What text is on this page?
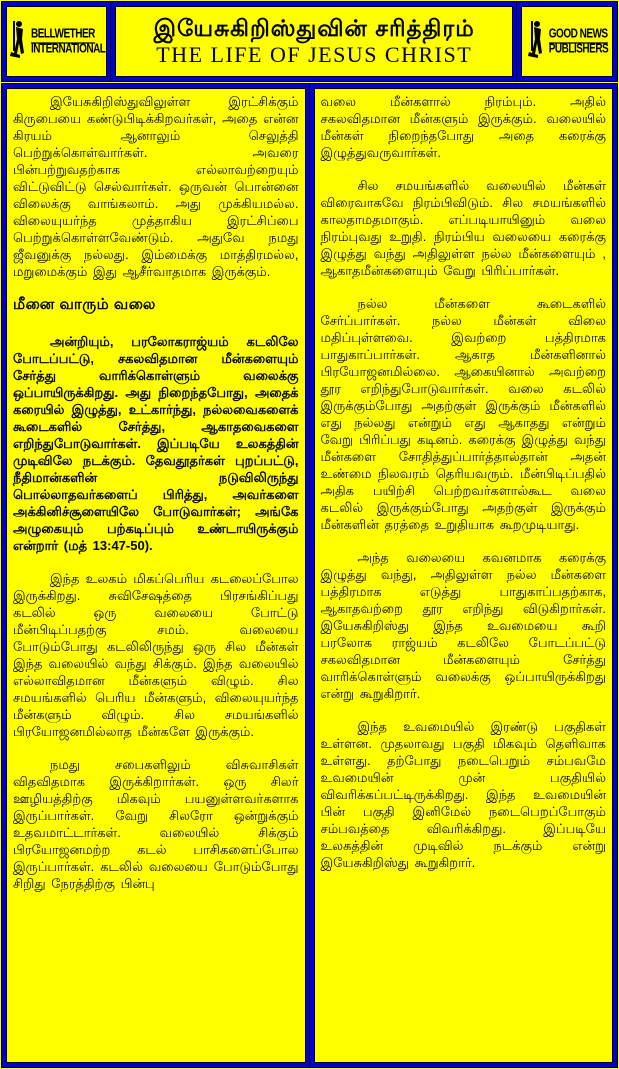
BELLWETHER
INTERNATIONAL
இயேசுகிறிஸ்துவின் சரித்திரம்
THE LIFE OF JESUS CHRIST
GOOD NEWS
PUBLISHERS

இயேசுகிறிஸ்துவிலுள்ள இரட்சிக்கும் கிருபையை கண்டுபிடிக்கிறவர்கள், அதை என்ன கிரயம் ஆனாலும் செலுத்தி பெற்றுக்கொள்வார்கள். அவரை பின்பற்றுவதற்காக எல்லாவற்றையும் விட்டுவிட்டு செல்வார்கள். ஒருவன் பொன்னை விலைக்கு வாங்கலாம். அது முக்கியமல்ல. விலையுயர்ந்த முத்தாகிய இரட்சிப்பை பெற்றுக்கொள்ளவேண்டும். அதுவே நமது ஜீவனுக்கு நல்லது. இம்மைக்கு மாத்திரமல்ல, மறுமைக்கும் இது ஆசீர்வாதமாக இருக்கும்.

மீனை வாரும் வலை

அன்றியும், பரலோகராஜ்யம் கடலிலே போடப்பட்டு, சகலவிதமான மீன்களையும் சேர்த்து வாரிக்கொள்ளும் வலைக்கு ஒப்பாயிருக்கிறது. அது நிறைந்தபோது, அதைக் கரையில் இழுத்து, உட்கார்ந்து, நல்லவைகளைக் கூடைகளில் சேர்த்து, ஆகாதவைகளை எறிந்துபோடுவார்கள். இப்படியே உலகத்தின் முடிவிலே நடக்கும். தேவதூதர்கள் புறப்பட்டு, நீதிமான்களின் நடுவிலிருந்து பொல்லாதவர்களைப் பிரித்து, அவர்களை அக்கினிச்சூளையிலே போடுவார்கள்; அங்கே அழுகையும் பற்கடிப்பும் உண்டாயிருக்கும் என்றார் (மத் 13:47-50).

இந்த உலகம் மிகப்பெரிய கடலைப்போல இருக்கிறது. சுவிசேஷத்தை பிரசங்கிப்பது கடலில் ஒரு வலையை போட்டு மீன்பிடிப்பதற்கு சமம். வலையை போடும்போது கடலிலிருந்து ஒரு சில மீன்கள் இந்த வலையில் வந்து சிக்கும். இந்த வலையில் எல்லாவிதமான மீன்களும் விழும். சில சமயங்களில் பெரிய மீன்களும், விலையுயர்ந்த மீன்களும் விழும். சில சமயங்களில் பிரயோஜனமில்லாத மீன்களே இருக்கும்.

நமது சபைகளிலும் விசுவாசிகள் விதவிதமாக இருக்கிறார்கள். ஒரு சிலர் ஊழியத்திற்கு மிகவும் பயனுள்ளவர்களாக இருப்பார்கள். வேறு சிலரோ ஒன்றுக்கும் உதவமாட்டார்கள். வலையில் சிக்கும் பிரயோஜனமற்ற கடல் பாசிகளைப்போல இருப்பார்கள். கடலில் வலையை போடும்போது சிறிது நேரத்திற்கு பின்பு

வலை மீன்களால் நிரம்பும். அதில் சகலவிதமான மீன்களும் இருக்கும். வலையில் மீன்கள் நிறைந்தபோது அதை கரைக்கு இழுத்துவருவார்கள்.

சில சமயங்களில் வலையில் மீன்கள் விரைவாகவே நிரம்பிவிடும். சில சமயங்களில் காலதாமதமாகும். எப்படியாயினும் வலை நிரம்புவது உறுதி. நிரம்பிய வலையை கரைக்கு இழுத்து வந்து அதிலுள்ள நல்ல மீன்களையும் , ஆகாதமீன்களையும் வேறு பிரிப்பார்கள்.

நல்ல மீன்களை கூடைகளில் சேர்ப்பார்கள். நல்ல மீன்கள் விலை மதிப்புள்ளவை. இவற்றை பத்திரமாக பாதுகாப்பார்கள். ஆகாத மீன்களினால் பிரயோஜனமில்லை. ஆகையினால் அவற்றை தூர எறிந்துபோடுவார்கள். வலை கடலில் இருக்கும்போது அதற்குள் இருக்கும் மீன்களில் எது நல்லது என்றும் எது ஆகாதது என்றும் வேறு பிரிப்பது கடினம். கரைக்கு இழுத்து வந்து மீன்களை சோதித்துப்பார்த்தால்தான் அதன் உண்மை நிலவரம் தெரியவரும். மீன்பிடிப்பதில் அதிக பயிற்சி பெற்றவர்களால்கூட வலை கடலில் இருக்கும்போது அதற்குள் இருக்கும் மீன்களின் தரத்தை உறுதியாக கூறமுடியாது.

அந்த வலையை கவனமாக கரைக்கு இழுத்து வந்து, அதிலுள்ள நல்ல மீன்களை பத்திரமாக எடுத்து பாதுகாப்பதற்காக, ஆகாதவற்றை தூர எறிந்து விடுகிறார்கள். இயேசுகிறிஸ்து இந்த உவமையை கூறி பரலோக ராஜ்யம் கடலிலே போடப்பட்டு சகலவிதமான மீன்களையும் சேர்த்து வாரிக்கொள்ளும் வலைக்கு ஒப்பாயிருக்கிறது என்று கூறுகிறார்.

இந்த உவமையில் இரண்டு பகுதிகள் உள்ளன. முதலாவது பகுதி மிகவும் தெளிவாக உள்ளது. தற்போது நடைபெறும் சம்பவமே உவமையின் முன் பகுதியில் விவரிக்கப்பட்டிருக்கிறது. இந்த உவமையின் பின் பகுதி இனிமேல் நடைபெறப்போகும் சம்பவத்தை விவரிக்கிறது. இப்படியே உலகத்தின் முடிவில் நடக்கும் என்று இயேசுகிறிஸ்து கூறுகிறார்.
